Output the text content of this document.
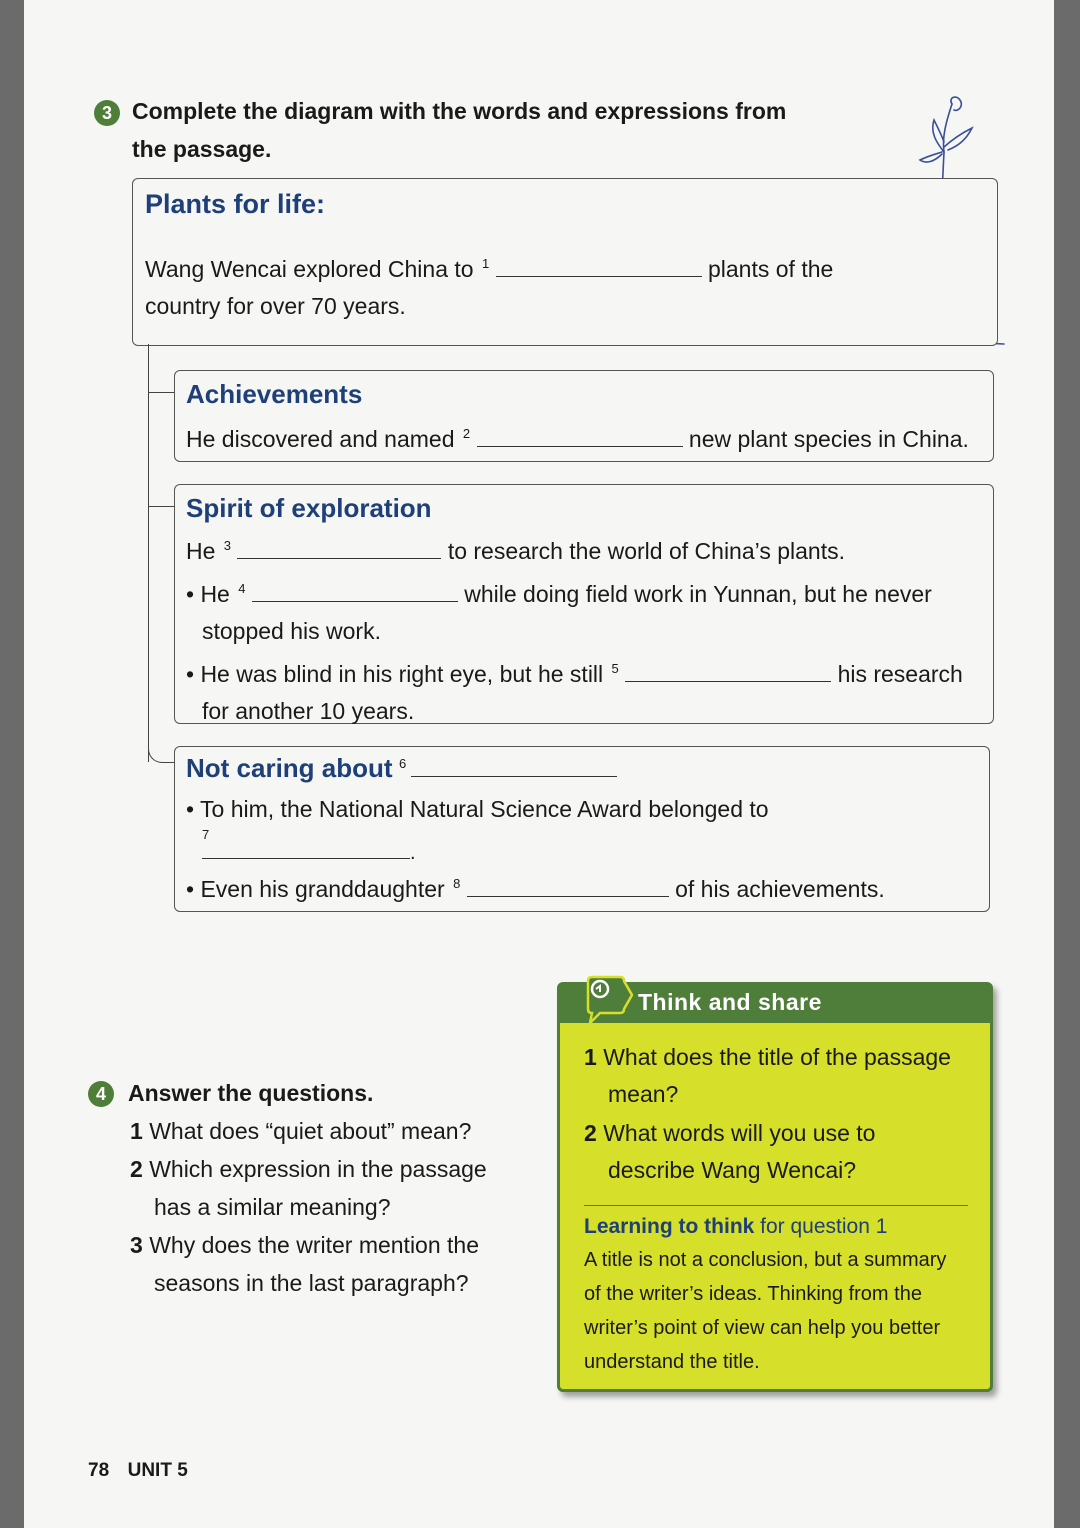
3 Complete the diagram with the words and expressions from
the passage.
Plants for life:
Wang Wencai explored China to $^1$	plants of the
country for over 70 years.
Achievements
He discovered and named $^2$	new plant species in China.
Spirit of exploration
He $^3$	to research the world of China’s plants.
• He $^4$	while doing field work in Yunnan, but he never
stopped his work.
• He was blind in his right eye, but he still $^5$	his research
for another 10 years.
Not caring about $^6$
• To him, the National Natural Science Award belonged to
7
.
• Even his granddaughter $^8$	of his achievements.
Think and share
1 What does the title of the passage
mean?
2 What words will you use to
describe Wang Wencai?
Learning to think for question 1
A title is not a conclusion, but a summary
of the writer’s ideas. Thinking from the
writer’s point of view can help you better
understand the title.
4 Answer the questions.
1 What does “quiet about” mean?
2 Which expression in the passage
has a similar meaning?
3 Why does the writer mention the
seasons in the last paragraph?
78 UNIT 5
